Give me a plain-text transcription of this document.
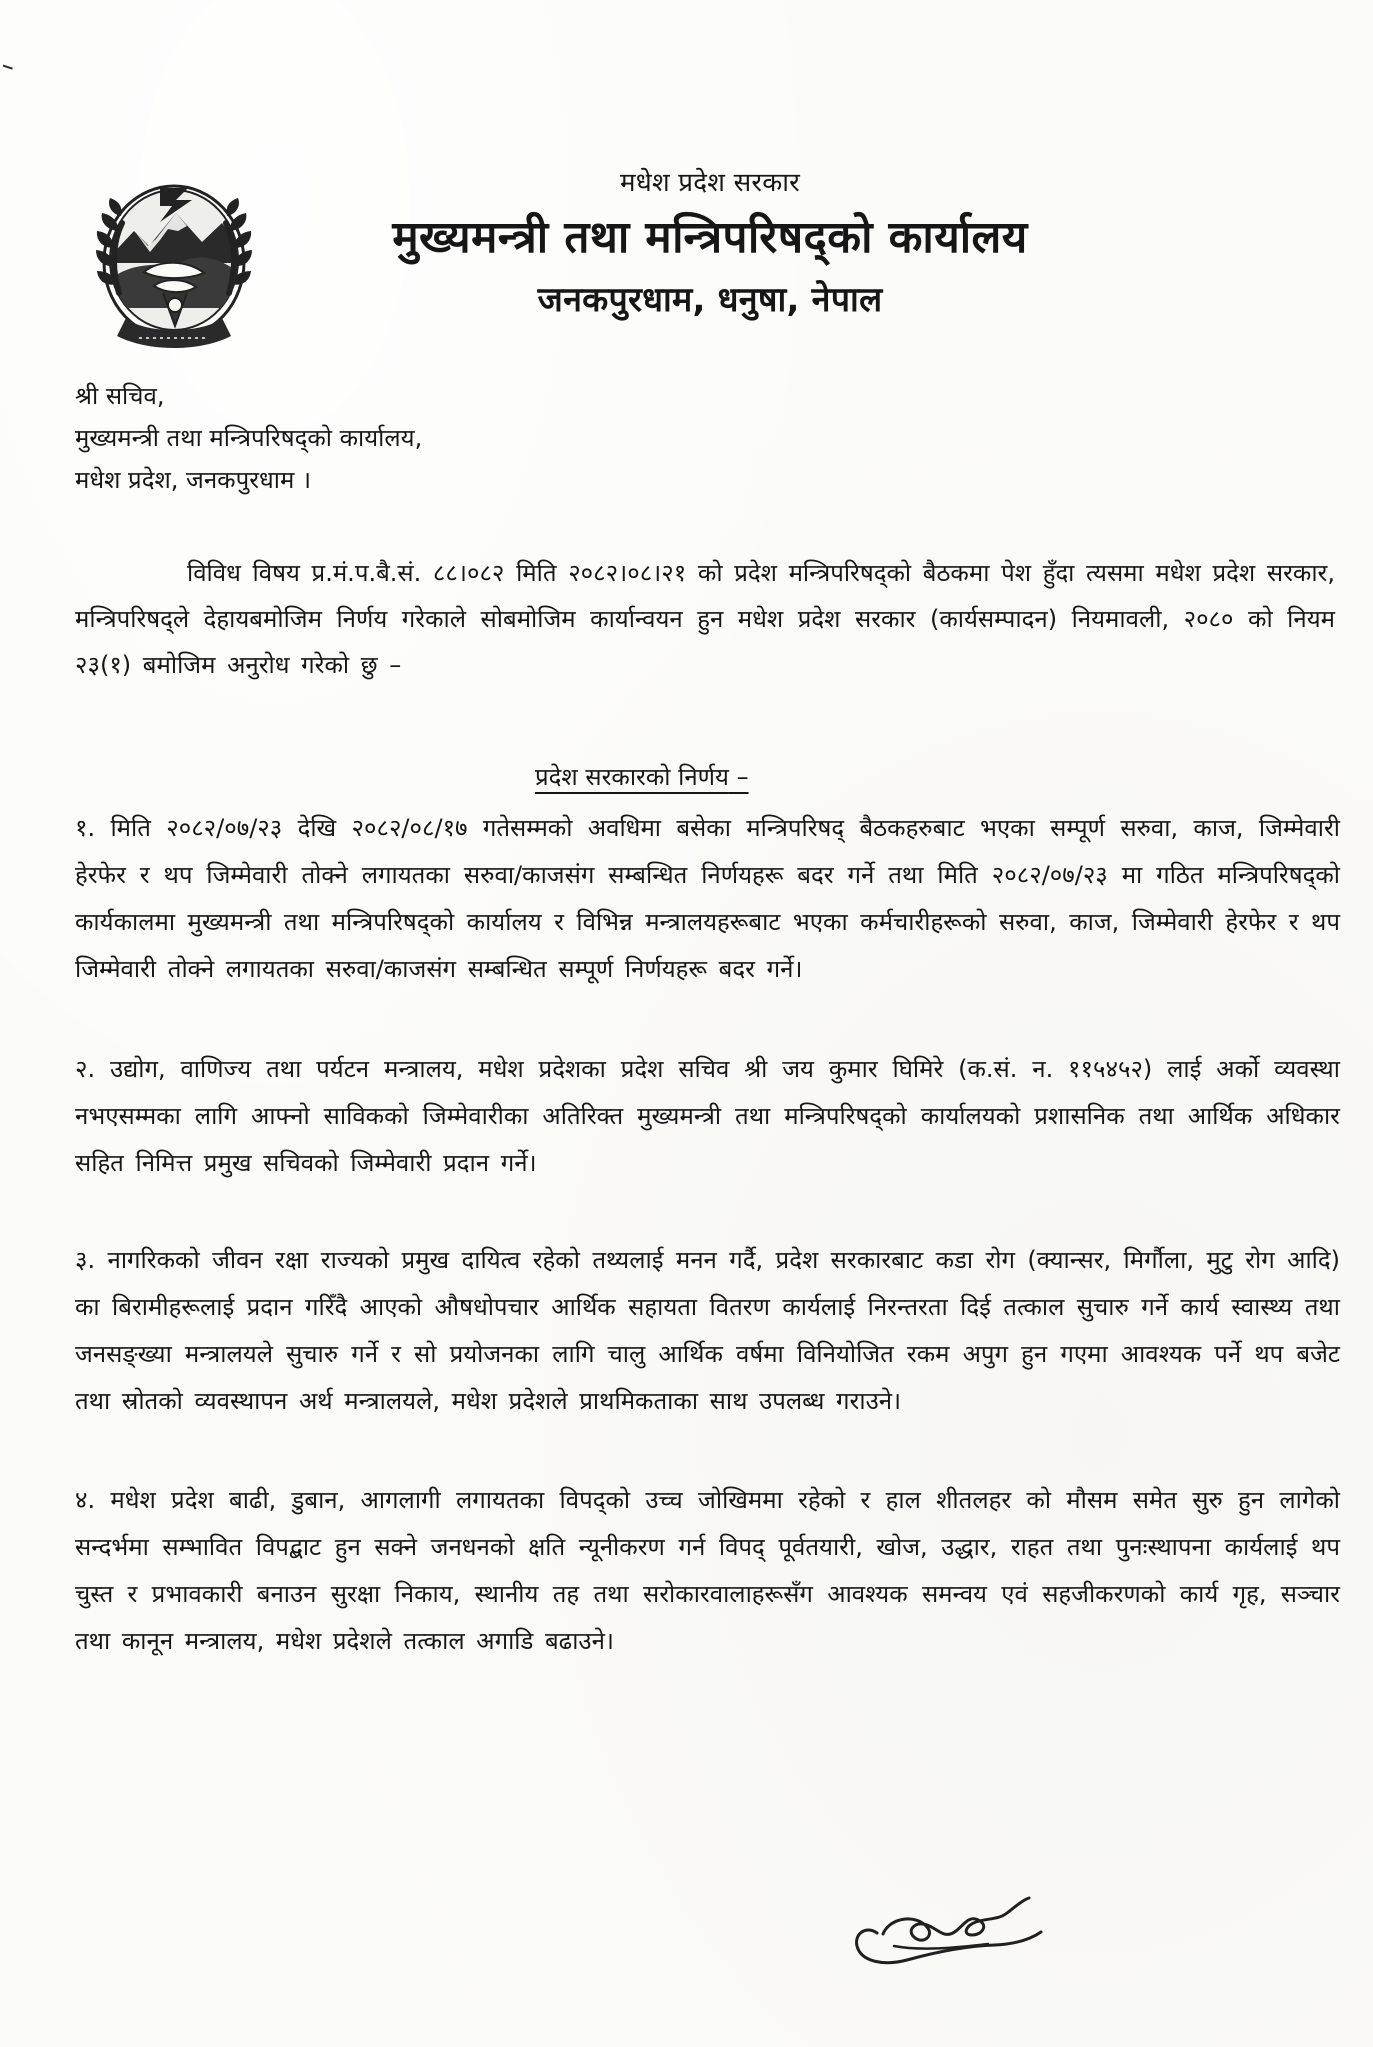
मधेश प्रदेश सरकार
मुख्यमन्त्री तथा मन्त्रिपरिषद्को कार्यालय
जनकपुरधाम, धनुषा, नेपाल
श्री सचिव,
मुख्यमन्त्री तथा मन्त्रिपरिषद्को कार्यालय,
मधेश प्रदेश, जनकपुरधाम ।
विविध विषय प्र.मं.प.बै.सं. ८८।०८२ मिति २०८२।०८।२१ को प्रदेश मन्त्रिपरिषद्को बैठकमा पेश हुँदा त्यसमा मधेश प्रदेश सरकार, मन्त्रिपरिषद्ले देहायबमोजिम निर्णय गरेकाले सोबमोजिम कार्यान्वयन हुन मधेश प्रदेश सरकार (कार्यसम्पादन) नियमावली, २०८० को नियम २३(१) बमोजिम अनुरोध गरेको छु –
प्रदेश सरकारको निर्णय –
१. मिति २०८२/०७/२३ देखि २०८२/०८/१७ गतेसम्मको अवधिमा बसेका मन्त्रिपरिषद् बैठकहरुबाट भएका सम्पूर्ण सरुवा, काज, जिम्मेवारी हेरफेर र थप जिम्मेवारी तोक्ने लगायतका सरुवा/काजसंग सम्बन्धित निर्णयहरू बदर गर्ने तथा मिति २०८२/०७/२३ मा गठित मन्त्रिपरिषद्को कार्यकालमा मुख्यमन्त्री तथा मन्त्रिपरिषद्को कार्यालय र विभिन्न मन्त्रालयहरूबाट भएका कर्मचारीहरूको सरुवा, काज, जिम्मेवारी हेरफेर र थप जिम्मेवारी तोक्ने लगायतका सरुवा/काजसंग सम्बन्धित सम्पूर्ण निर्णयहरू बदर गर्ने।
२. उद्योग, वाणिज्य तथा पर्यटन मन्त्रालय, मधेश प्रदेशका प्रदेश सचिव श्री जय कुमार घिमिरे (क.सं. न. ११५४५२) लाई अर्को व्यवस्था नभएसम्मका लागि आफ्नो साविकको जिम्मेवारीका अतिरिक्त मुख्यमन्त्री तथा मन्त्रिपरिषद्को कार्यालयको प्रशासनिक तथा आर्थिक अधिकार सहित निमित्त प्रमुख सचिवको जिम्मेवारी प्रदान गर्ने।
३. नागरिकको जीवन रक्षा राज्यको प्रमुख दायित्व रहेको तथ्यलाई मनन गर्दै, प्रदेश सरकारबाट कडा रोग (क्यान्सर, मिर्गौला, मुटु रोग आदि) का बिरामीहरूलाई प्रदान गरिँदै आएको औषधोपचार आर्थिक सहायता वितरण कार्यलाई निरन्तरता दिई तत्काल सुचारु गर्ने कार्य स्वास्थ्य तथा जनसङ्ख्या मन्त्रालयले सुचारु गर्ने र सो प्रयोजनका लागि चालु आर्थिक वर्षमा विनियोजित रकम अपुग हुन गएमा आवश्यक पर्ने थप बजेट तथा स्रोतको व्यवस्थापन अर्थ मन्त्रालयले, मधेश प्रदेशले प्राथमिकताका साथ उपलब्ध गराउने।
४. मधेश प्रदेश बाढी, डुबान, आगलागी लगायतका विपद्को उच्च जोखिममा रहेको र हाल शीतलहर को मौसम समेत सुरु हुन लागेको सन्दर्भमा सम्भावित विपद्बाट हुन सक्ने जनधनको क्षति न्यूनीकरण गर्न विपद् पूर्वतयारी, खोज, उद्धार, राहत तथा पुनःस्थापना कार्यलाई थप चुस्त र प्रभावकारी बनाउन सुरक्षा निकाय, स्थानीय तह तथा सरोकारवालाहरूसँग आवश्यक समन्वय एवं सहजीकरणको कार्य गृह, सञ्चार तथा कानून मन्त्रालय, मधेश प्रदेशले तत्काल अगाडि बढाउने।
